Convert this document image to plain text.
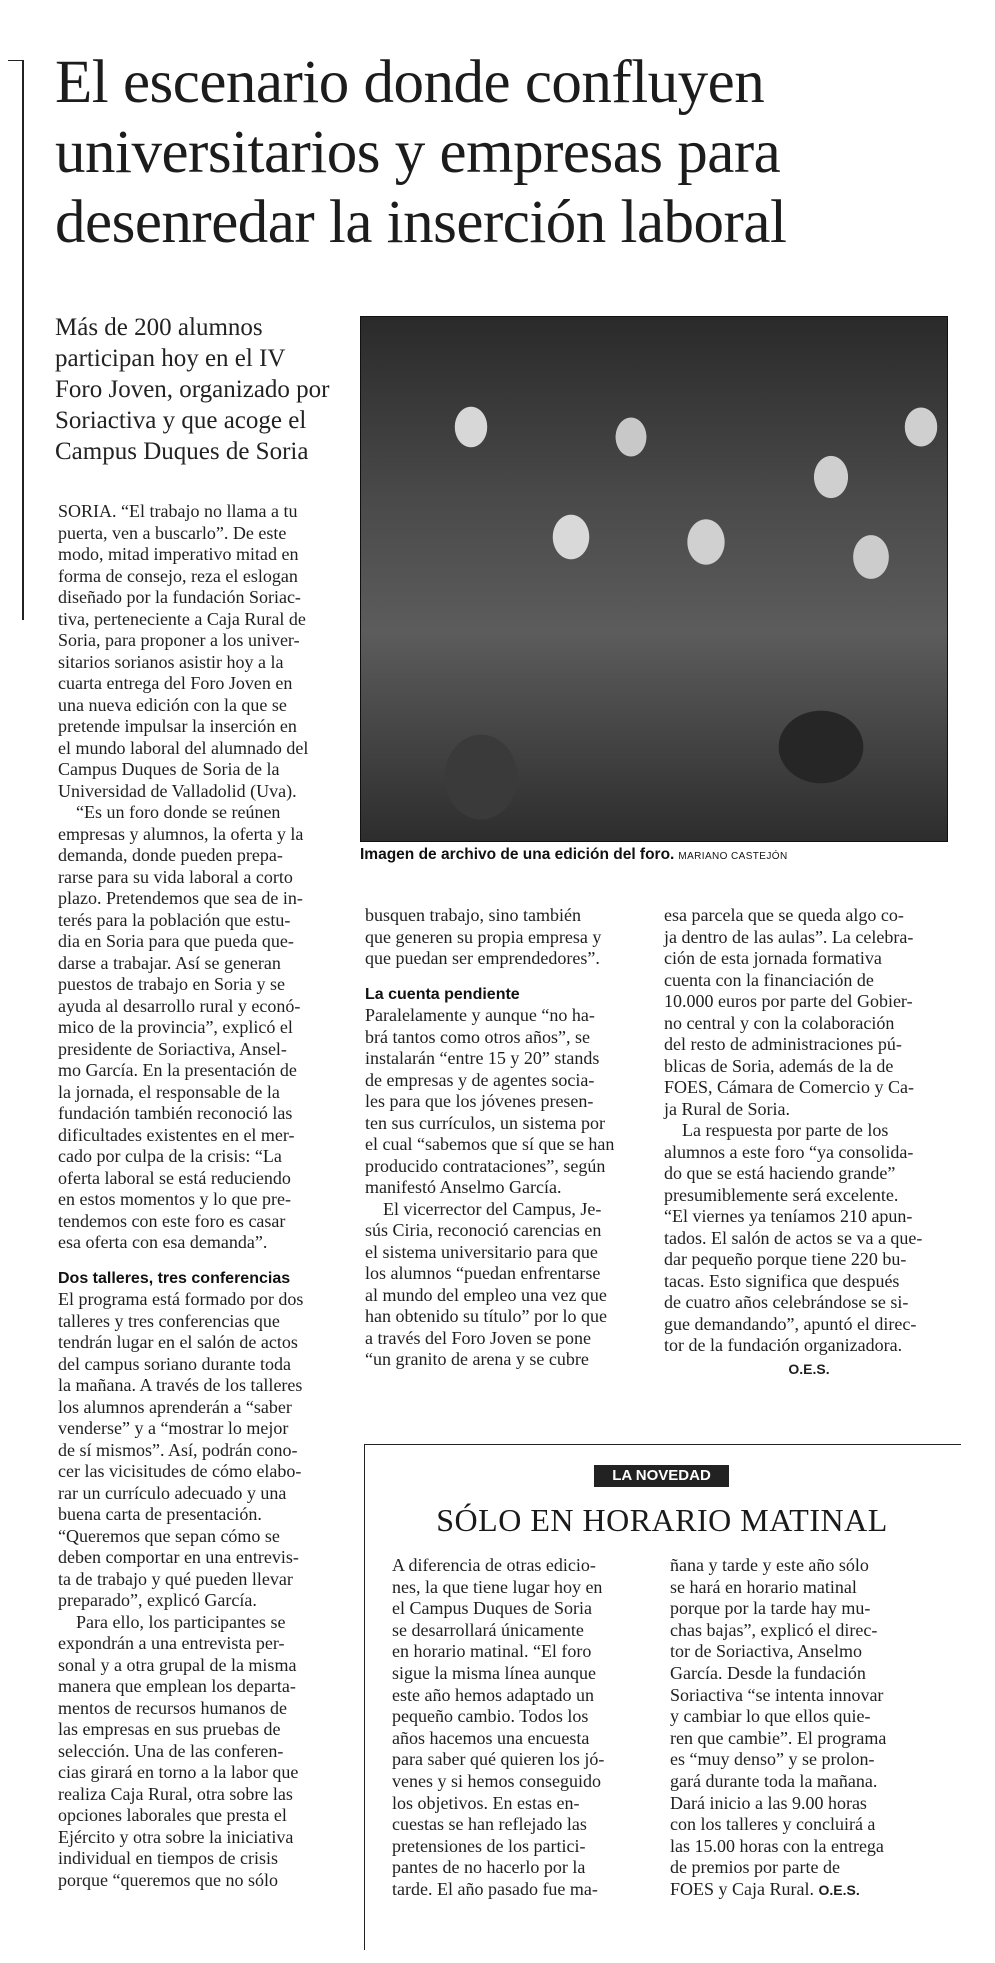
El escenario donde confluyen
universitarios y empresas para
desenredar la inserción laboral
Más de 200 alumnos
participan hoy en el IV
Foro Joven, organizado por
Soriactiva y que acoge el
Campus Duques de Soria
Imagen de archivo de una edición del foro. MARIANO CASTEJÓN
SORIA. “El trabajo no llama a tu
puerta, ven a buscarlo”. De este
modo, mitad imperativo mitad en
forma de consejo, reza el eslogan
diseñado por la fundación Soriac-
tiva, perteneciente a Caja Rural de
Soria, para proponer a los univer-
sitarios sorianos asistir hoy a la
cuarta entrega del Foro Joven en
una nueva edición con la que se
pretende impulsar la inserción en
el mundo laboral del alumnado del
Campus Duques de Soria de la
Universidad de Valladolid (Uva).
“Es un foro donde se reúnen
empresas y alumnos, la oferta y la
demanda, donde pueden prepa-
rarse para su vida laboral a corto
plazo. Pretendemos que sea de in-
terés para la población que estu-
dia en Soria para que pueda que-
darse a trabajar. Así se generan
puestos de trabajo en Soria y se
ayuda al desarrollo rural y econó-
mico de la provincia”, explicó el
presidente de Soriactiva, Ansel-
mo García. En la presentación de
la jornada, el responsable de la
fundación también reconoció las
dificultades existentes en el mer-
cado por culpa de la crisis: “La
oferta laboral se está reduciendo
en estos momentos y lo que pre-
tendemos con este foro es casar
esa oferta con esa demanda”.
Dos talleres, tres conferencias
El programa está formado por dos
talleres y tres conferencias que
tendrán lugar en el salón de actos
del campus soriano durante toda
la mañana. A través de los talleres
los alumnos aprenderán a “saber
venderse” y a “mostrar lo mejor
de sí mismos”. Así, podrán cono-
cer las vicisitudes de cómo elabo-
rar un currículo adecuado y una
buena carta de presentación.
“Queremos que sepan cómo se
deben comportar en una entrevis-
ta de trabajo y qué pueden llevar
preparado”, explicó García.
Para ello, los participantes se
expondrán a una entrevista per-
sonal y a otra grupal de la misma
manera que emplean los departa-
mentos de recursos humanos de
las empresas en sus pruebas de
selección. Una de las conferen-
cias girará en torno a la labor que
realiza Caja Rural, otra sobre las
opciones laborales que presta el
Ejército y otra sobre la iniciativa
individual en tiempos de crisis
porque “queremos que no sólo
busquen trabajo, sino también
que generen su propia empresa y
que puedan ser emprendedores”.
La cuenta pendiente
Paralelamente y aunque “no ha-
brá tantos como otros años”, se
instalarán “entre 15 y 20” stands
de empresas y de agentes socia-
les para que los jóvenes presen-
ten sus currículos, un sistema por
el cual “sabemos que sí que se han
producido contrataciones”, según
manifestó Anselmo García.
El vicerrector del Campus, Je-
sús Ciria, reconoció carencias en
el sistema universitario para que
los alumnos “puedan enfrentarse
al mundo del empleo una vez que
han obtenido su título” por lo que
a través del Foro Joven se pone
“un granito de arena y se cubre
esa parcela que se queda algo co-
ja dentro de las aulas”. La celebra-
ción de esta jornada formativa
cuenta con la financiación de
10.000 euros por parte del Gobier-
no central y con la colaboración
del resto de administraciones pú-
blicas de Soria, además de la de
FOES, Cámara de Comercio y Ca-
ja Rural de Soria.
La respuesta por parte de los
alumnos a este foro “ya consolida-
do que se está haciendo grande”
presumiblemente será excelente.
“El viernes ya teníamos 210 apun-
tados. El salón de actos se va a que-
dar pequeño porque tiene 220 bu-
tacas. Esto significa que después
de cuatro años celebrándose se si-
gue demandando”, apuntó el direc-
tor de la fundación organizadora.
O.E.S.
LA NOVEDAD
SÓLO EN HORARIO MATINAL
A diferencia de otras edicio-
nes, la que tiene lugar hoy en
el Campus Duques de Soria
se desarrollará únicamente
en horario matinal. “El foro
sigue la misma línea aunque
este año hemos adaptado un
pequeño cambio. Todos los
años hacemos una encuesta
para saber qué quieren los jó-
venes y si hemos conseguido
los objetivos. En estas en-
cuestas se han reflejado las
pretensiones de los partici-
pantes de no hacerlo por la
tarde. El año pasado fue ma-
ñana y tarde y este año sólo
se hará en horario matinal
porque por la tarde hay mu-
chas bajas”, explicó el direc-
tor de Soriactiva, Anselmo
García. Desde la fundación
Soriactiva “se intenta innovar
y cambiar lo que ellos quie-
ren que cambie”. El programa
es “muy denso” y se prolon-
gará durante toda la mañana.
Dará inicio a las 9.00 horas
con los talleres y concluirá a
las 15.00 horas con la entrega
de premios por parte de
FOES y Caja Rural. O.E.S.
